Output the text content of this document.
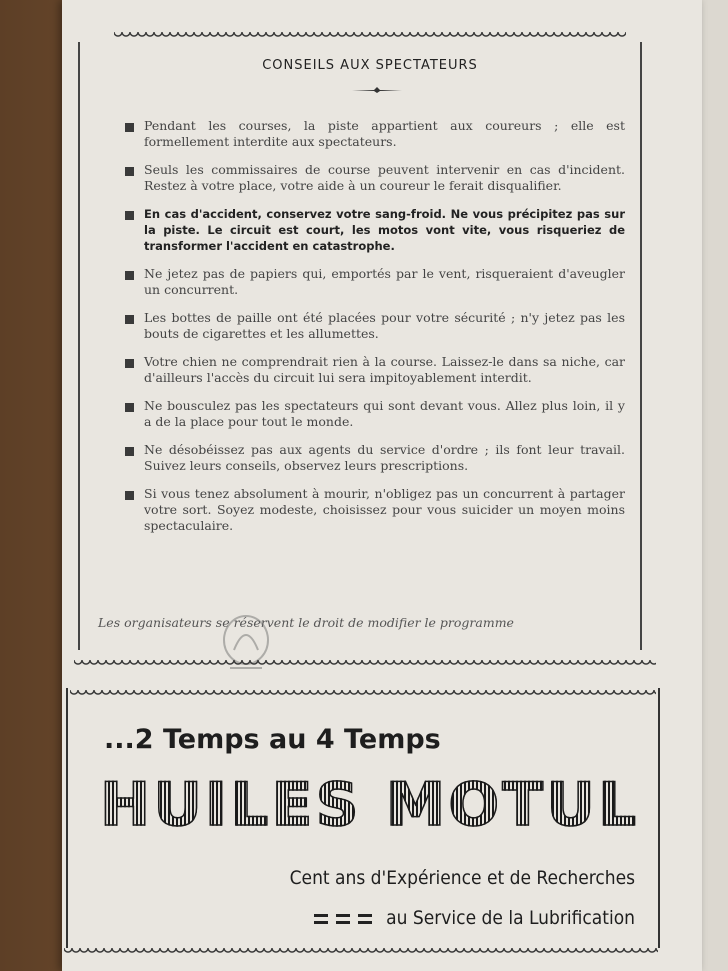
CONSEILS AUX SPECTATEURS
Pendant les courses, la piste appartient aux coureurs ; elle est formellement interdite aux spectateurs.
Seuls les commissaires de course peuvent intervenir en cas d'incident. Restez à votre place, votre aide à un coureur le ferait disqualifier.
En cas d'accident, conservez votre sang-froid. Ne vous précipitez pas sur la piste. Le circuit est court, les motos vont vite, vous risqueriez de transformer l'accident en catastrophe.
Ne jetez pas de papiers qui, emportés par le vent, risqueraient d'aveugler un concurrent.
Les bottes de paille ont été placées pour votre sécurité ; n'y jetez pas les bouts de cigarettes et les allumettes.
Votre chien ne comprendrait rien à la course. Laissez-le dans sa niche, car d'ailleurs l'accès du circuit lui sera impitoyablement interdit.
Ne bousculez pas les spectateurs qui sont devant vous. Allez plus loin, il y a de la place pour tout le monde.
Ne désobéissez pas aux agents du service d'ordre ; ils font leur travail. Suivez leurs conseils, observez leurs prescriptions.
Si vous tenez absolument à mourir, n'obligez pas un concurrent à partager votre sort. Soyez modeste, choisissez pour vous suicider un moyen moins spectaculaire.
Les organisateurs se réservent le droit de modifier le programme
...2 Temps au 4 Temps
HUILES MOTUL
Cent ans d'Expérience et de Recherches
au Service de la Lubrification
